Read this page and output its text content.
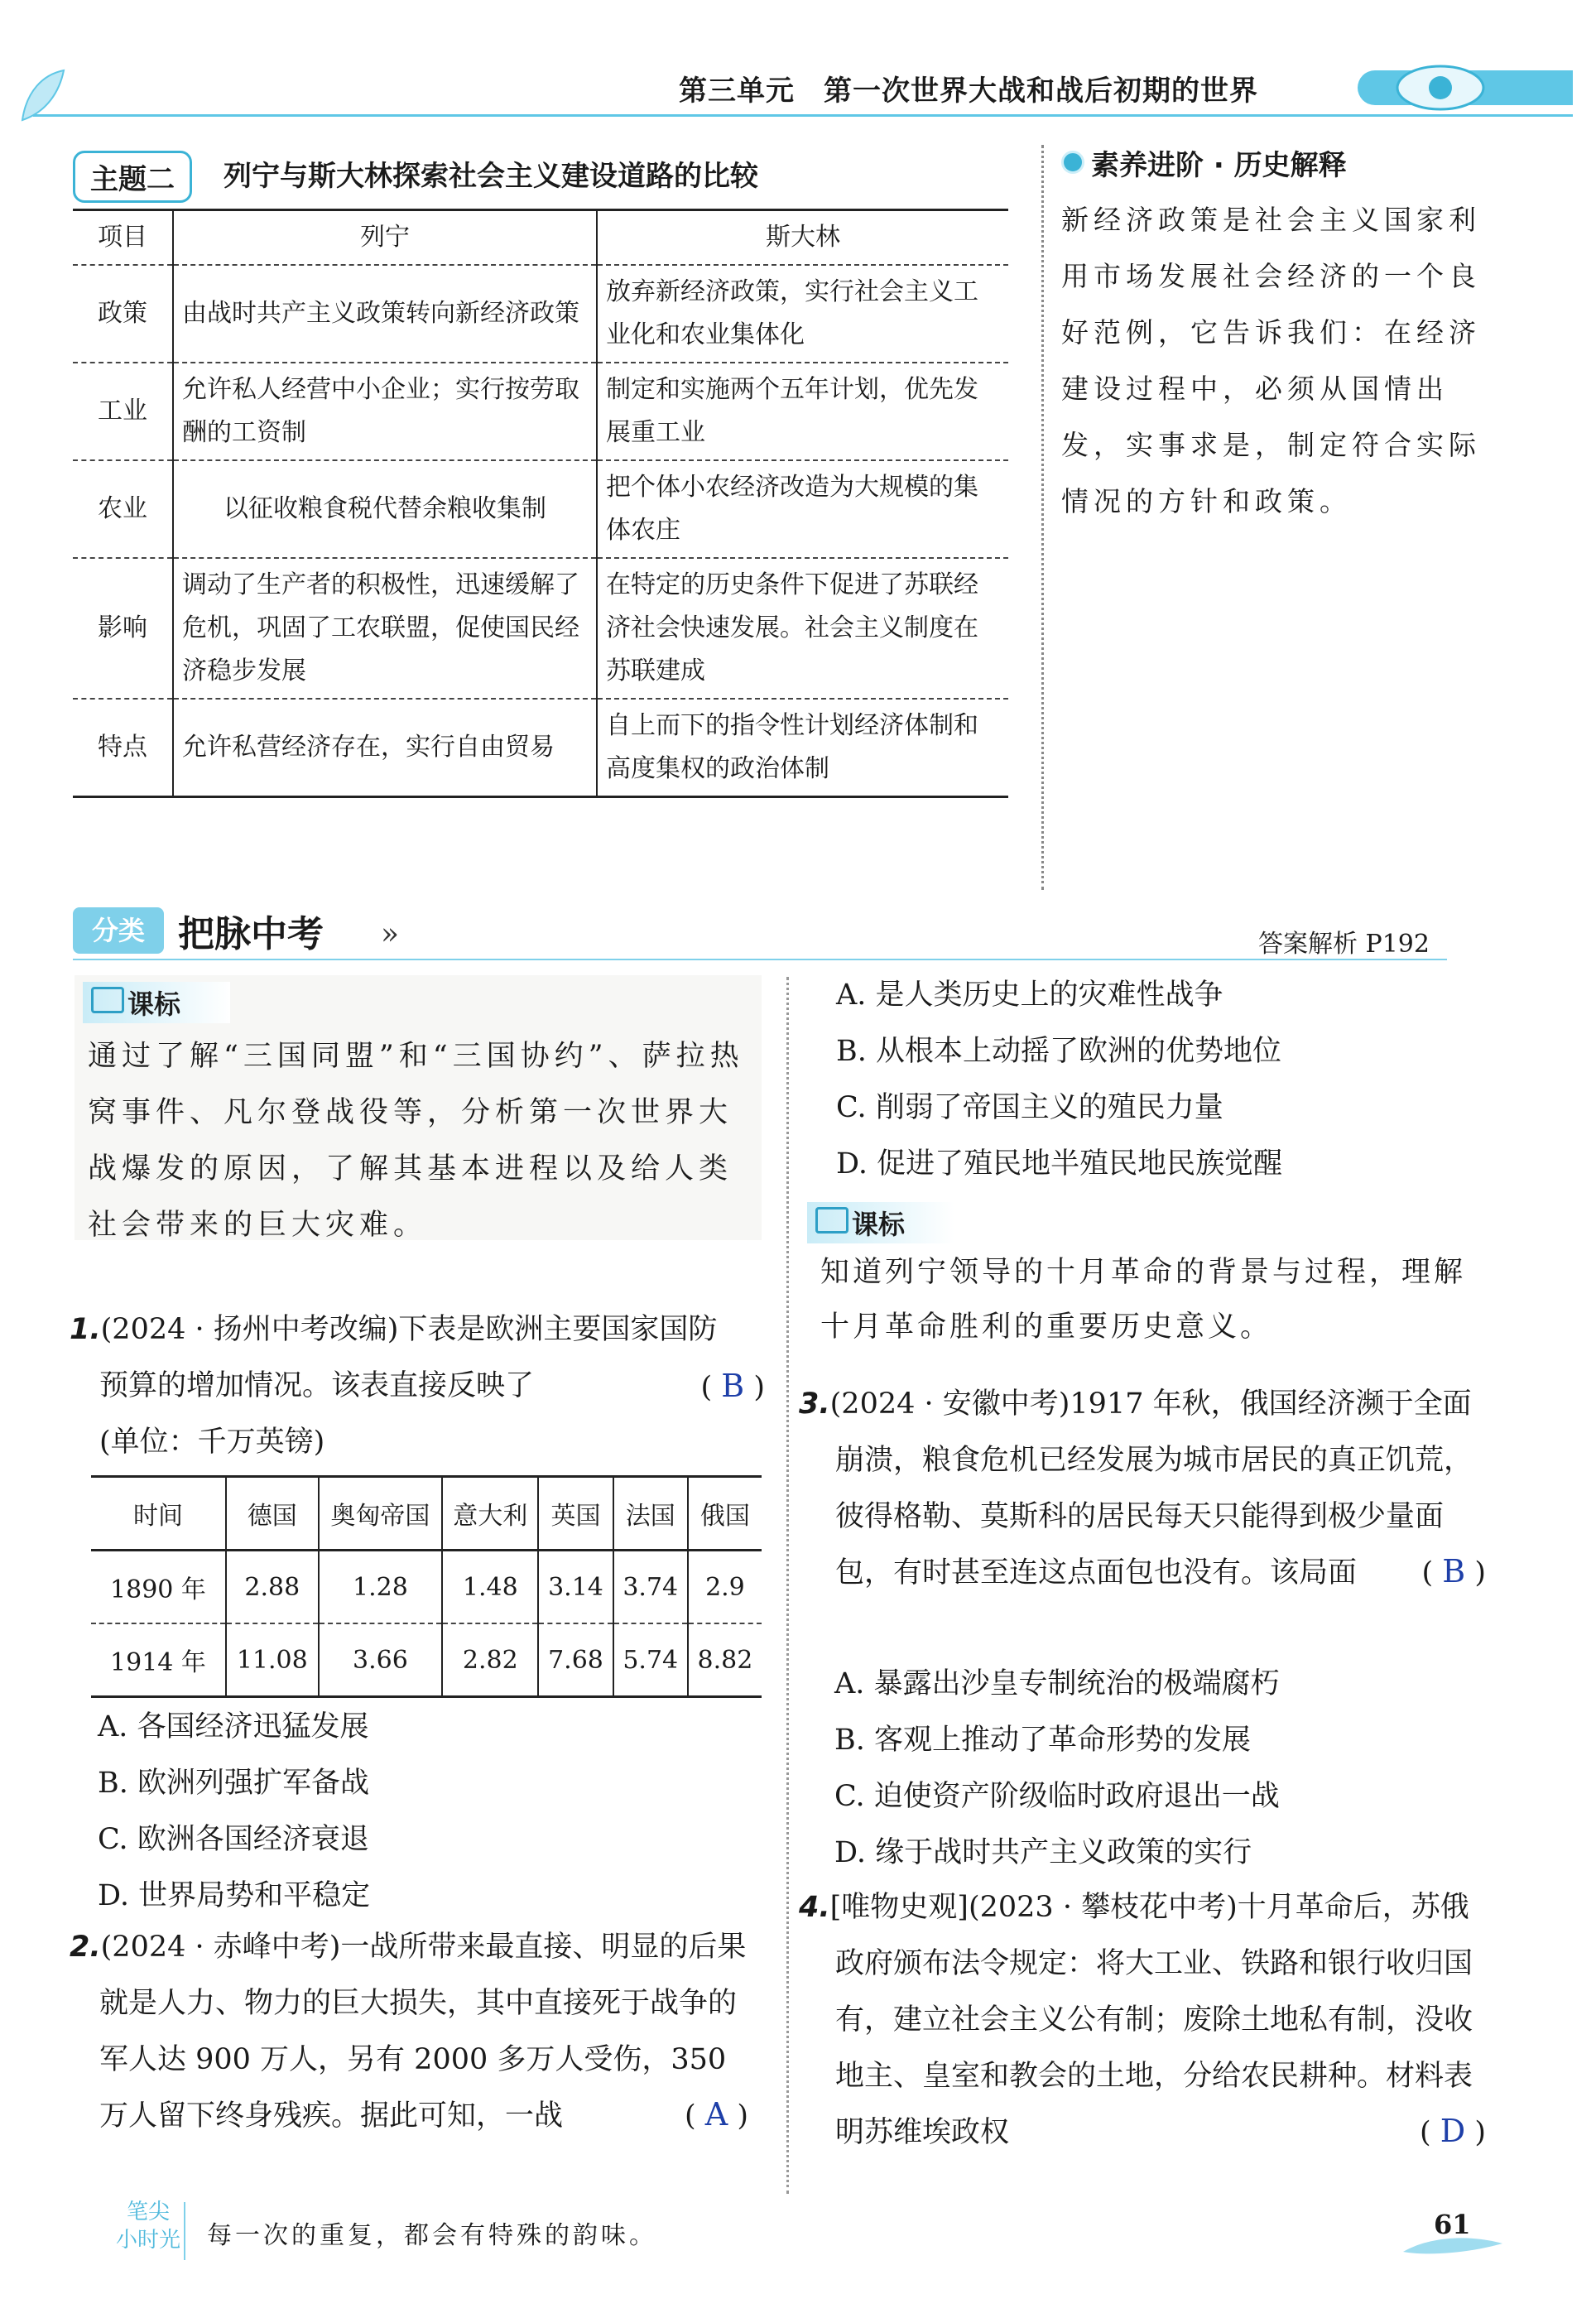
第三单元　第一次世界大战和战后初期的世界
主题二	列宁与斯大林探索社会主义建设道路的比较
项目	列宁	斯大林
政策	由战时共产主义政策转向新经济政策	放弃新经济政策，实行社会主义工业化和农业集体化
工业	允许私人经营中小企业；实行按劳取酬的工资制	制定和实施两个五年计划，优先发展重工业
农业	以征收粮食税代替余粮收集制	把个体小农经济改造为大规模的集体农庄
影响	调动了生产者的积极性，迅速缓解了危机，巩固了工农联盟，促使国民经济稳步发展	在特定的历史条件下促进了苏联经济社会快速发展。社会主义制度在苏联建成
特点	允许私营经济存在，实行自由贸易	自上而下的指令性计划经济体制和高度集权的政治体制
素养进阶 · 历史解释
新经济政策是社会主义国家利用市场发展社会经济的一个良好范例，它告诉我们：在经济建设过程中，必须从国情出发，实事求是，制定符合实际情况的方针和政策。
分类 把脉中考 »	答案解析 P192
课标
通过了解“三国同盟”和“三国协约”、萨拉热窝事件、凡尔登战役等，分析第一次世界大战爆发的原因，了解其基本进程以及给人类社会带来的巨大灾难。
1.(2024 · 扬州中考改编)下表是欧洲主要国家国防
预算的增加情况。该表直接反映了	( B )
(单位：千万英镑)
时间	德国	奥匈帝国	意大利	英国	法国	俄国
1890 年	2.88	1.28	1.48	3.14	3.74	2.9
1914 年	11.08	3.66	2.82	7.68	5.74	8.82
A. 各国经济迅猛发展
B. 欧洲列强扩军备战
C. 欧洲各国经济衰退
D. 世界局势和平稳定
2.(2024 · 赤峰中考)一战所带来最直接、明显的后果就是人力、物力的巨大损失，其中直接死于战争的军人达 900 万人，另有 2000 多万人受伤，350 万人留下终身残疾。据此可知，一战	( A )
A. 是人类历史上的灾难性战争
B. 从根本上动摇了欧洲的优势地位
C. 削弱了帝国主义的殖民力量
D. 促进了殖民地半殖民地民族觉醒
课标
知道列宁领导的十月革命的背景与过程，理解十月革命胜利的重要历史意义。
3.(2024 · 安徽中考)1917 年秋，俄国经济濒于全面崩溃，粮食危机已经发展为城市居民的真正饥荒，彼得格勒、莫斯科的居民每天只能得到极少量面包，有时甚至连这点面包也没有。该局面	( B )
A. 暴露出沙皇专制统治的极端腐朽
B. 客观上推动了革命形势的发展
C. 迫使资产阶级临时政府退出一战
D. 缘于战时共产主义政策的实行
4.[唯物史观](2023 · 攀枝花中考)十月革命后，苏俄政府颁布法令规定：将大工业、铁路和银行收归国有，建立社会主义公有制；废除土地私有制，没收地主、皇室和教会的土地，分给农民耕种。材料表明苏维埃政权	( D )
笔尖
小时光 每一次的重复，都会有特殊的韵味。	61
